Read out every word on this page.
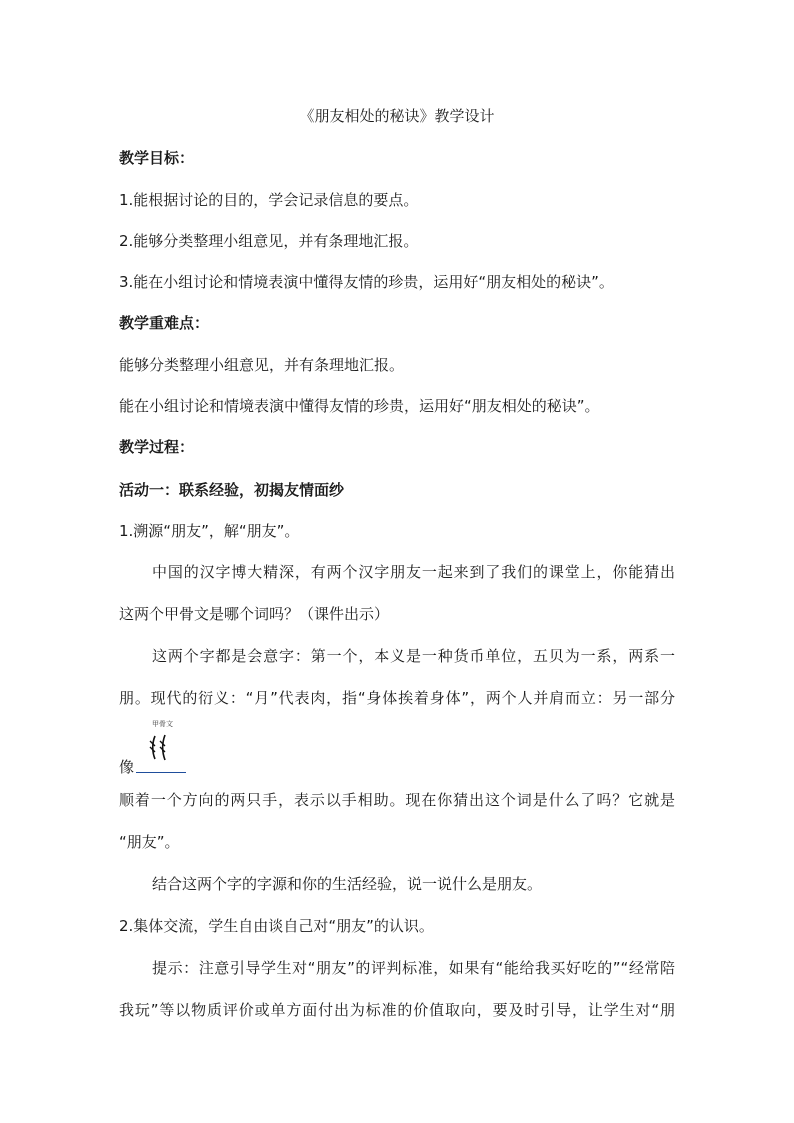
《朋友相处的秘诀》教学设计
教学目标：
1.能根据讨论的目的，学会记录信息的要点。
2.能够分类整理小组意见，并有条理地汇报。
3.能在小组讨论和情境表演中懂得友情的珍贵，运用好“朋友相处的秘诀”。
教学重难点：
能够分类整理小组意见，并有条理地汇报。
能在小组讨论和情境表演中懂得友情的珍贵，运用好“朋友相处的秘诀”。
教学过程：
活动一：联系经验，初揭友情面纱
1.溯源“朋友”，解“朋友”。
中国的汉字博大精深，有两个汉字朋友一起来到了我们的课堂上，你能猜出
这两个甲骨文是哪个词吗？（课件出示）
这两个字都是会意字：第一个，本义是一种货币单位，五贝为一系，两系一
朋。现代的衍义：“月”代表肉，指“身体挨着身体”，两个人并肩而立：另一部分
像
甲骨文
顺着一个方向的两只手，表示以手相助。现在你猜出这个词是什么了吗？它就是
“朋友”。
结合这两个字的字源和你的生活经验，说一说什么是朋友。
2.集体交流，学生自由谈自己对“朋友”的认识。
提示：注意引导学生对“朋友”的评判标准，如果有“能给我买好吃的”“经常陪
我玩”等以物质评价或单方面付出为标准的价值取向，要及时引导，让学生对“朋
